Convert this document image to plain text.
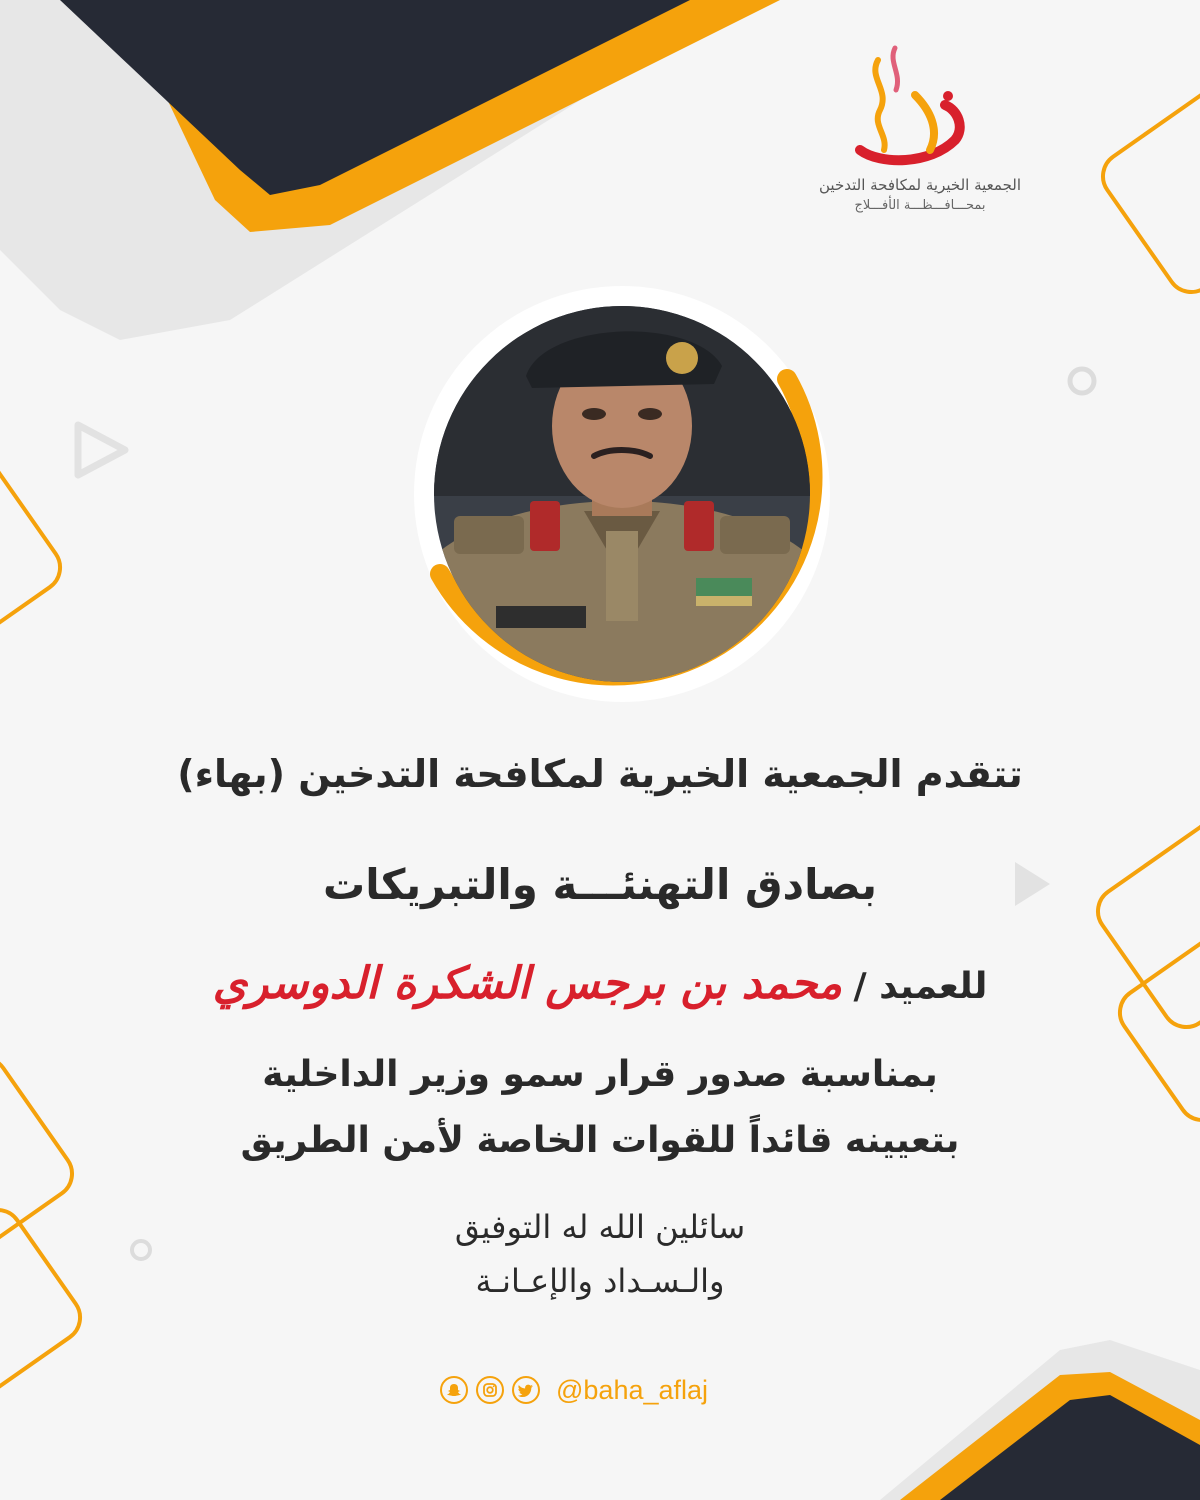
الجمعية الخيرية لمكافحة التدخين
بمحـــافـــظـــة الأفـــلاج
تتقدم الجمعية الخيرية لمكافحة التدخين (بهاء)
بصادق التهنئـــة والتبريكات
للعميد / محمد بن برجس الشكرة الدوسري
بمناسبة صدور قرار سمو وزير الداخلية
بتعيينه قائداً للقوات الخاصة لأمن الطريق
سائلين الله له التوفيق
والـسـداد والإعـانـة
@baha_aflaj
